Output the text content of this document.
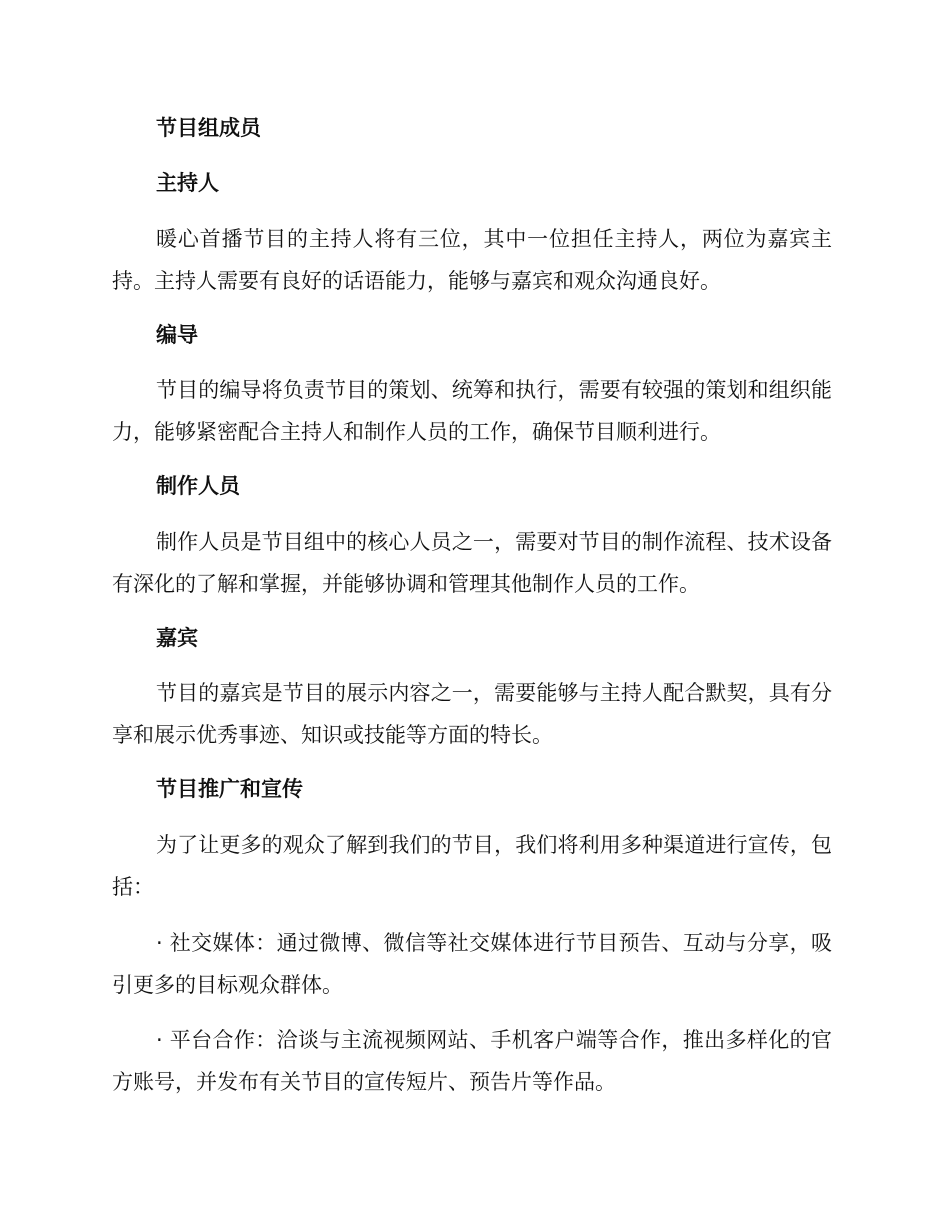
节目组成员
主持人

暖心首播节目的主持人将有三位，其中一位担任主持人，两位为嘉宾主持。主持人需要有良好的话语能力，能够与嘉宾和观众沟通良好。

编导

节目的编导将负责节目的策划、统筹和执行，需要有较强的策划和组织能力，能够紧密配合主持人和制作人员的工作，确保节目顺利进行。

制作人员

制作人员是节目组中的核心人员之一，需要对节目的制作流程、技术设备有深化的了解和掌握，并能够协调和管理其他制作人员的工作。

嘉宾

节目的嘉宾是节目的展示内容之一，需要能够与主持人配合默契，具有分享和展示优秀事迹、知识或技能等方面的特长。

节目推广和宣传

为了让更多的观众了解到我们的节目，我们将利用多种渠道进行宣传，包括：

· 社交媒体：通过微博、微信等社交媒体进行节目预告、互动与分享，吸引更多的目标观众群体。

· 平台合作：洽谈与主流视频网站、手机客户端等合作，推出多样化的官方账号，并发布有关节目的宣传短片、预告片等作品。
